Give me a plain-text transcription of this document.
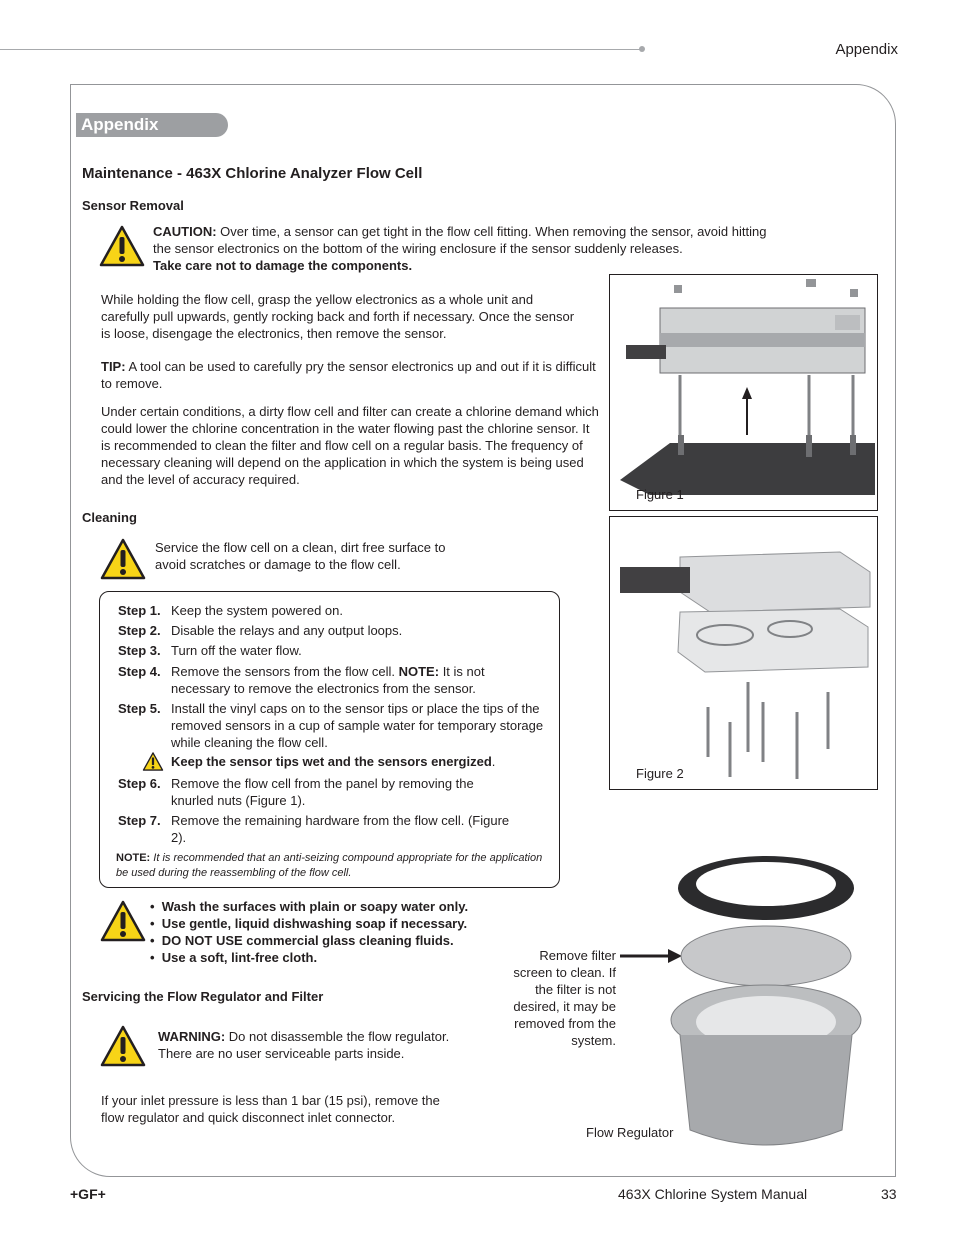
Appendix
Appendix
Maintenance - 463X Chlorine Analyzer Flow Cell
Sensor Removal
CAUTION: Over time, a sensor can get tight in the flow cell fitting. When removing the sensor, avoid hitting the sensor electronics on the bottom of the wiring enclosure if the sensor suddenly releases.
Take care not to damage the components.
While holding the flow cell, grasp the yellow electronics as a whole unit and carefully pull upwards, gently rocking back and forth if necessary. Once the sensor is loose, disengage the electronics, then remove the sensor.
TIP: A tool can be used to carefully pry the sensor electronics up and out if it is difficult to remove.
Under certain conditions, a dirty flow cell and filter can create a chlorine demand which could lower the chlorine concentration in the water flowing past the chlorine sensor. It is recommended to clean the filter and flow cell on a regular basis. The frequency of necessary cleaning will depend on the application in which the system is being used and the level of accuracy required.
Figure 1
Cleaning
Service the flow cell on a clean, dirt free surface to avoid scratches or damage to the flow cell.
Figure 2
Step 1. Keep the system powered on.
Step 2. Disable the relays and any output loops.
Step 3. Turn off the water flow.
Step 4. Remove the sensors from the flow cell. NOTE: It is not necessary to remove the electronics from the sensor.
Step 5. Install the vinyl caps on to the sensor tips or place the tips of the removed sensors in a cup of sample water for temporary storage while cleaning the flow cell.
Keep the sensor tips wet and the sensors energized.
Step 6. Remove the flow cell from the panel by removing the knurled nuts (Figure 1).
Step 7. Remove the remaining hardware from the flow cell. (Figure 2).
NOTE: It is recommended that an anti-seizing compound appropriate for the application be used during the reassembling of the flow cell.
•  Wash the surfaces with plain or soapy water only.
•  Use gentle, liquid dishwashing soap if necessary.
•  DO NOT USE commercial glass cleaning fluids.
•  Use a soft, lint-free cloth.
Servicing the Flow Regulator and Filter
WARNING: Do not disassemble the flow regulator. There are no user serviceable parts inside.
If your inlet pressure is less than 1 bar (15 psi), remove the flow regulator and quick disconnect inlet connector.
Remove filter screen to clean. If the filter is not desired, it may be removed from the system.
Flow Regulator
+GF+	463X Chlorine System Manual	33
